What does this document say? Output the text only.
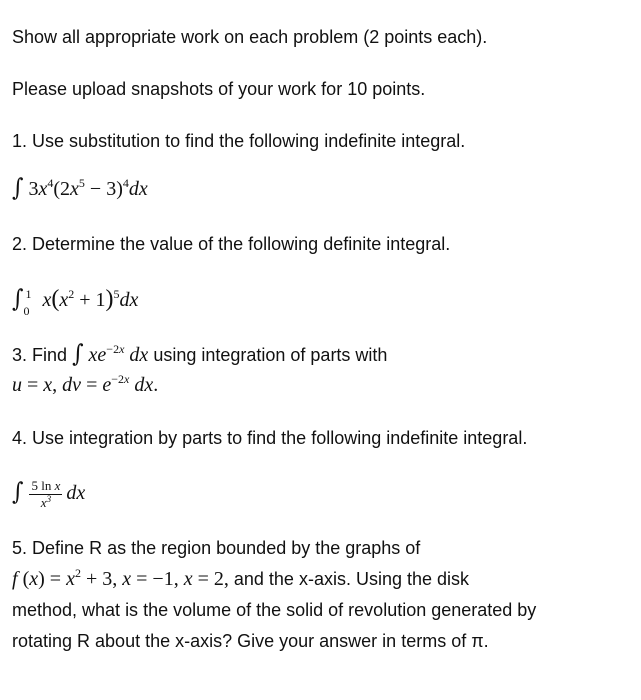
Show all appropriate work on each problem (2 points each).
Please upload snapshots of your work for 10 points.
1. Use substitution to find the following indefinite integral.
∫ $3x^4(2x^5 - 3)^4dx$
2. Determine the value of the following definite integral.
∫ 1
0
$x(x^2 + 1)^5dx$
3. Find ∫ $xe^{-2x}$ dx using integration of parts with
u = x, dv = $e^{-2x}$ dx.
4. Use integration by parts to find the following indefinite integral.
∫ $\frac{\text{5 ln x}}{x^3}$ dx
5. Define R as the region bounded by the graphs of
f $(x) = x^2 + 3$, x = −1, x = 2, and the x-axis. Using the disk
method, what is the volume of the solid of revolution generated by
rotating R about the x-axis? Give your answer in terms of π.
